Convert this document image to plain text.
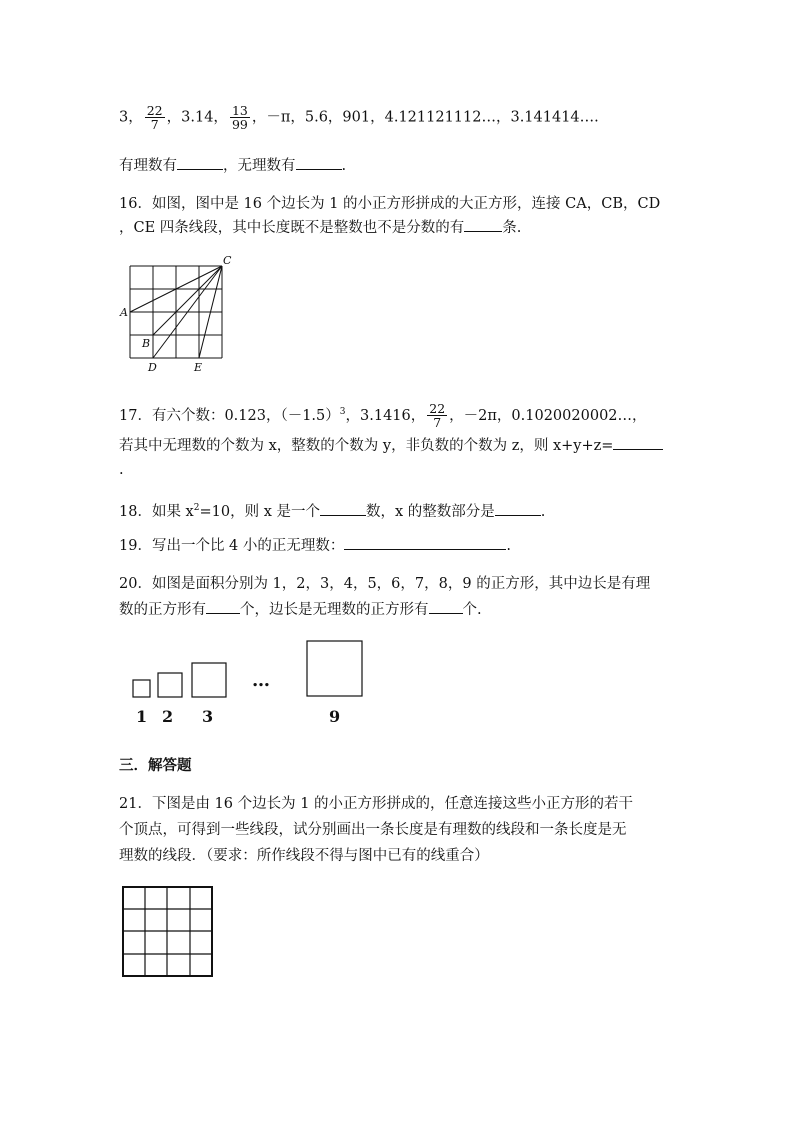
3， $\frac{22}{7}$ ，3.14， $\frac{13}{99}$ ，－π，5.6，901，4.121121112…，3.141414….
有理数有	，无理数有	.
16．如图，图中是 16 个边长为 1 的小正方形拼成的大正方形，连接 CA，CB，CD
，CE 四条线段，其中长度既不是整数也不是分数的有	条.
C
A
B
D	E
17．有六个数：0.123，$(-1.5)^3$，3.1416， $\frac{22}{7}$ ，－2π，0.1020020002…，
若其中无理数的个数为 x，整数的个数为 y，非负数的个数为 z，则 x+y+z=
.
18．如果 $x^2=10$，则 x 是一个	数，x 的整数部分是	.
19．写出一个比 4 小的正无理数：	.
20．如图是面积分别为 1，2，3，4，5，6，7，8，9 的正方形，其中边长是有理
数的正方形有 个，边长是无理数的正方形有 个.
…
1 2 3	9
三．解答题
21．下图是由 16 个边长为 1 的小正方形拼成的，任意连接这些小正方形的若干
个顶点，可得到一些线段，试分别画出一条长度是有理数的线段和一条长度是无
理数的线段．（要求：所作线段不得与图中已有的线重合）
